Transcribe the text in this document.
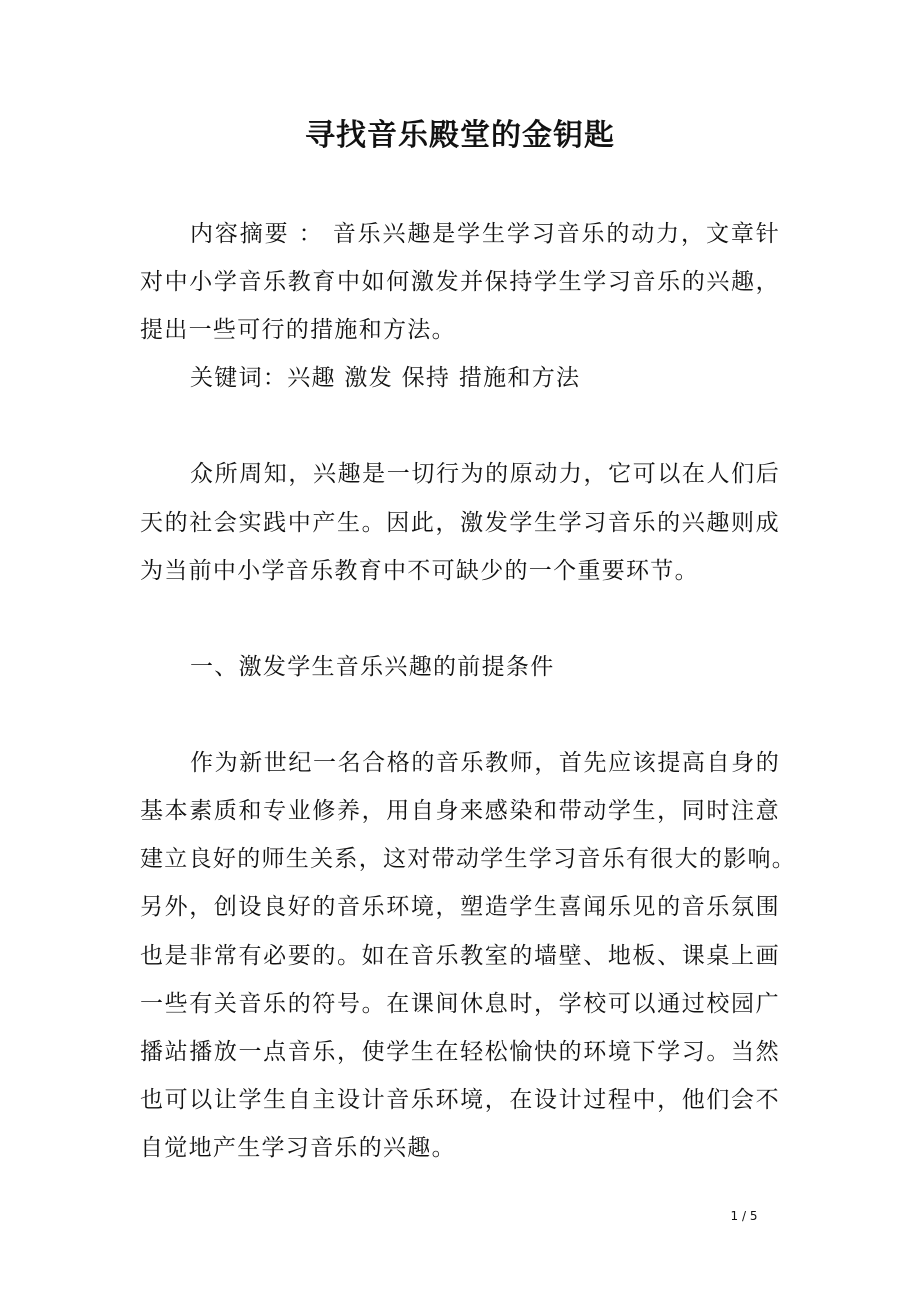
寻找音乐殿堂的金钥匙
内容摘要 ： 音乐兴趣是学生学习音乐的动力，文章针
对中小学音乐教育中如何激发并保持学生学习音乐的兴趣，
提出一些可行的措施和方法。
关键词：兴趣 激发 保持 措施和方法
众所周知，兴趣是一切行为的原动力，它可以在人们后
天的社会实践中产生。因此，激发学生学习音乐的兴趣则成
为当前中小学音乐教育中不可缺少的一个重要环节。
一、激发学生音乐兴趣的前提条件
作为新世纪一名合格的音乐教师，首先应该提高自身的
基本素质和专业修养，用自身来感染和带动学生，同时注意
建立良好的师生关系，这对带动学生学习音乐有很大的影响。
另外，创设良好的音乐环境，塑造学生喜闻乐见的音乐氛围
也是非常有必要的。如在音乐教室的墙壁、地板、课桌上画
一些有关音乐的符号。在课间休息时，学校可以通过校园广
播站播放一点音乐，使学生在轻松愉快的环境下学习。当然
也可以让学生自主设计音乐环境，在设计过程中，他们会不
自觉地产生学习音乐的兴趣。
1 / 5
